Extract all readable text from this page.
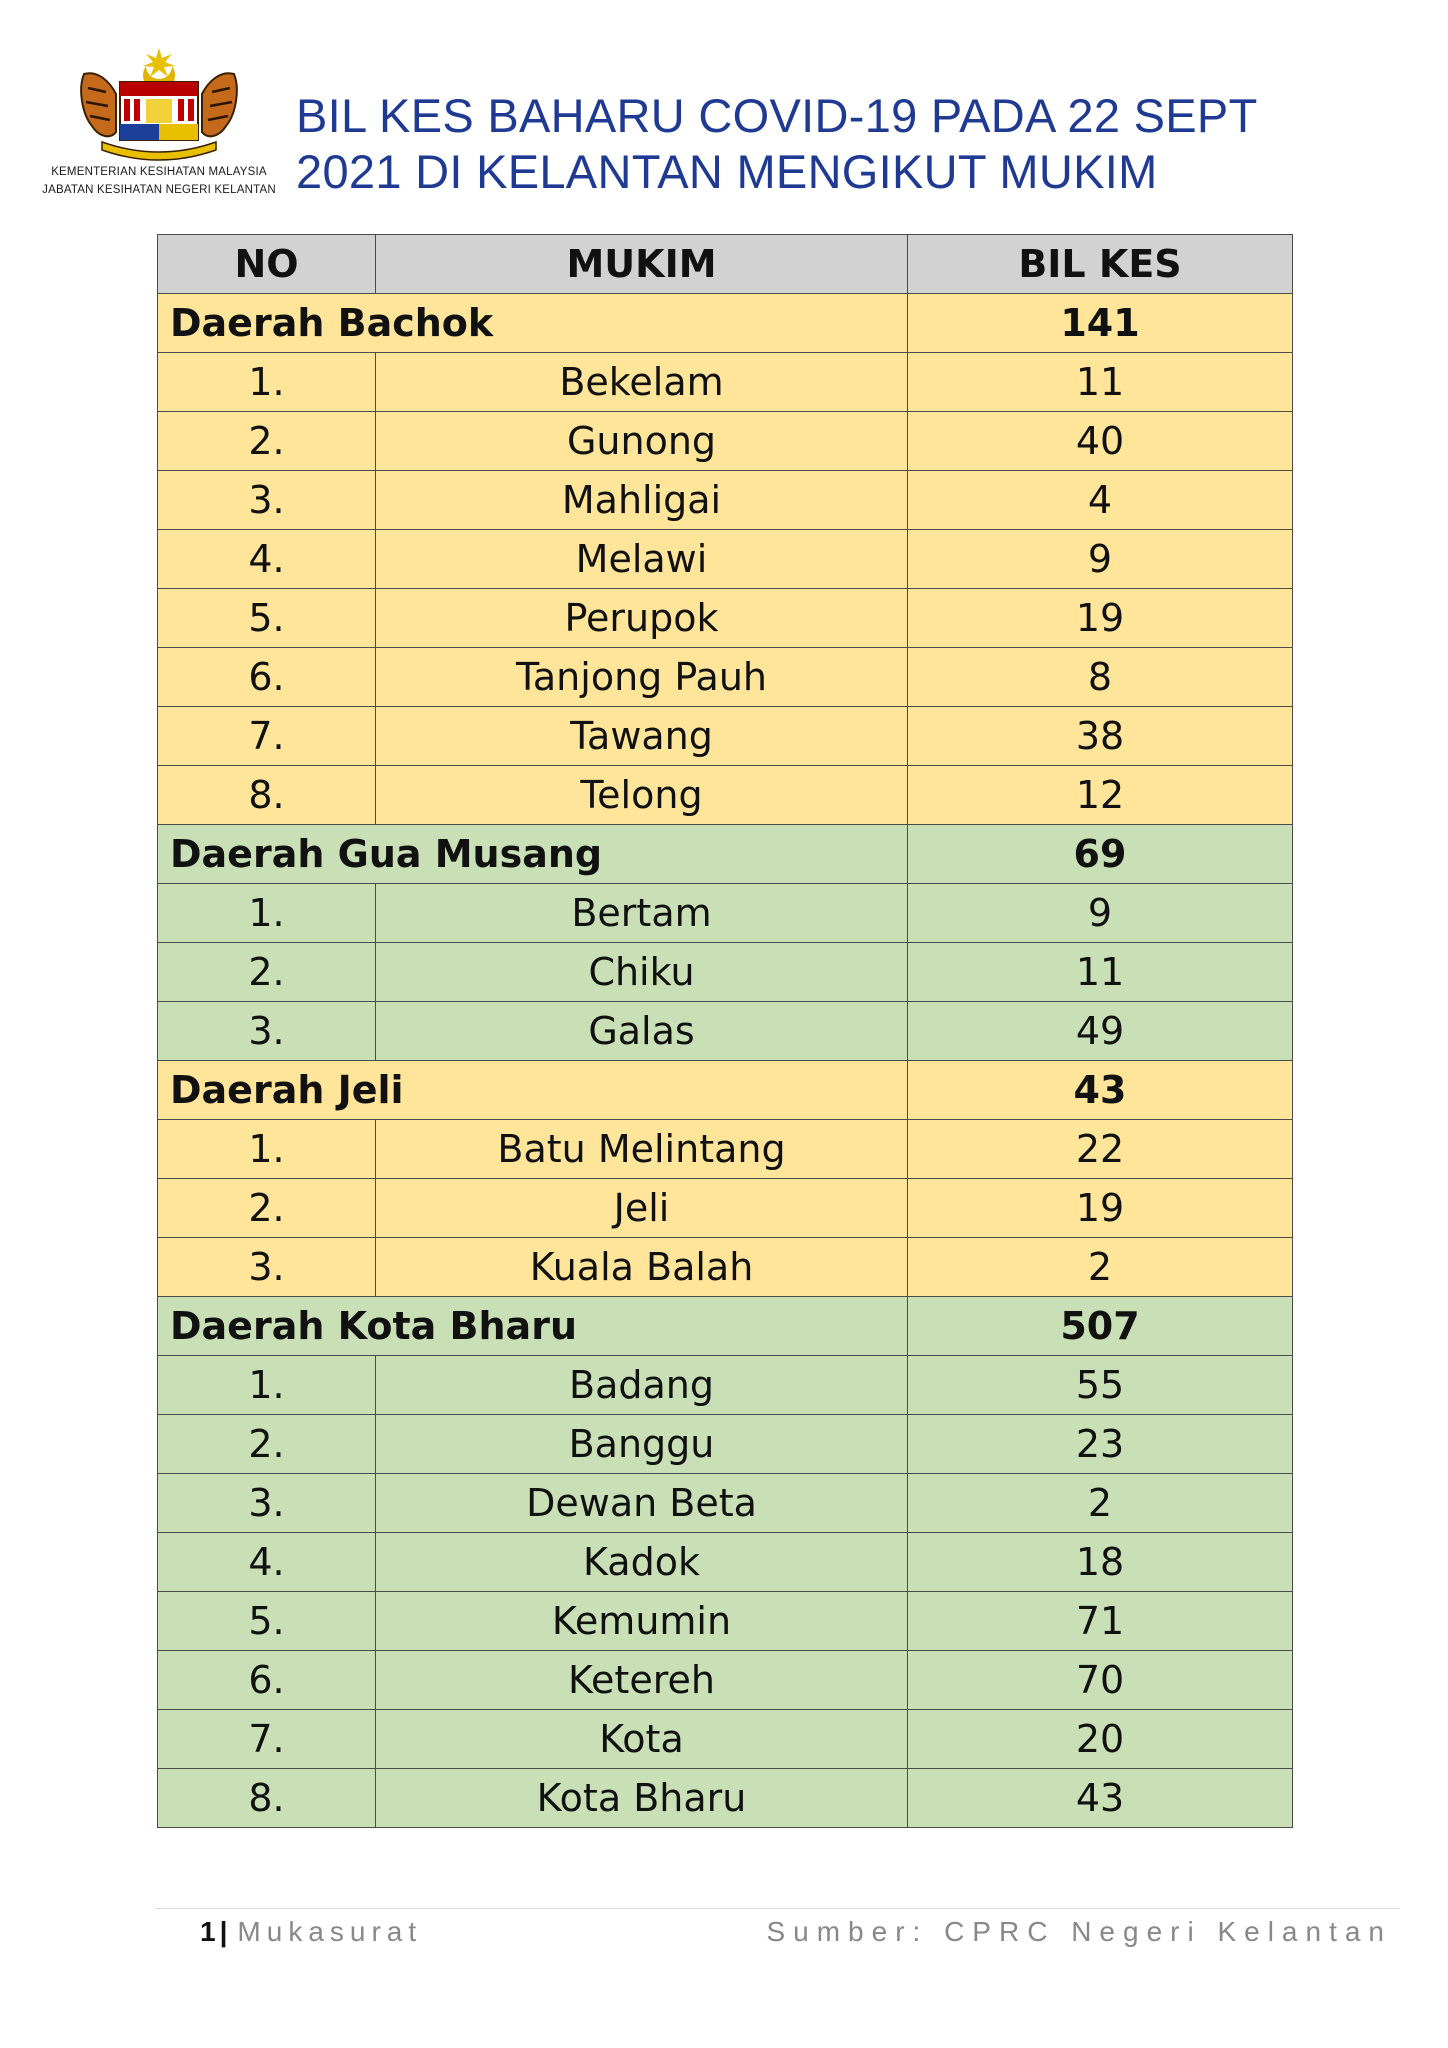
KEMENTERIAN KESIHATAN MALAYSIA
JABATAN KESIHATAN NEGERI KELANTAN
BIL KES BAHARU COVID-19 PADA 22 SEPT
2021 DI KELANTAN MENGIKUT MUKIM
NO	MUKIM	BIL KES
Daerah Bachok		141
1.	Bekelam	11
2.	Gunong	40
3.	Mahligai	4
4.	Melawi	9
5.	Perupok	19
6.	Tanjong Pauh	8
7.	Tawang	38
8.	Telong	12
Daerah Gua Musang		69
1.	Bertam	9
2.	Chiku	11
3.	Galas	49
Daerah Jeli		43
1.	Batu Melintang	22
2.	Jeli	19
3.	Kuala Balah	2
Daerah Kota Bharu		507
1.	Badang	55
2.	Banggu	23
3.	Dewan Beta	2
4.	Kadok	18
5.	Kemumin	71
6.	Ketereh	70
7.	Kota	20
8.	Kota Bharu	43
1 | Mukasurat	Sumber: CPRC Negeri Kelantan
